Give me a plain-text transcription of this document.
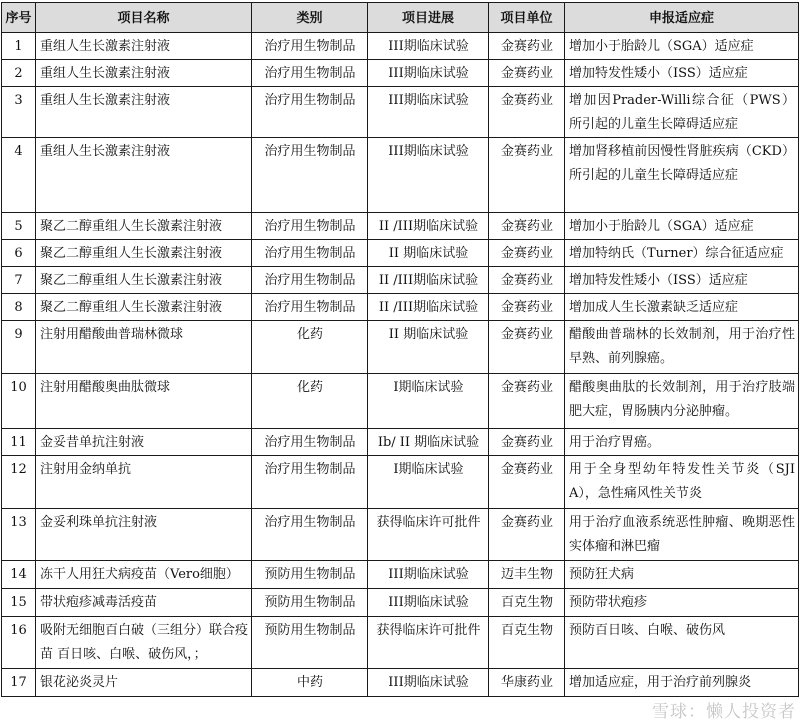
序号	项目名称	类别	项目进展	项目单位	申报适应症
1	重组人生长激素注射液	治疗用生物制品	III期临床试验	金赛药业	增加小于胎龄儿（SGA）适应症
2	重组人生长激素注射液	治疗用生物制品	III期临床试验	金赛药业	增加特发性矮小（ISS）适应症
3	重组人生长激素注射液	治疗用生物制品	III期临床试验	金赛药业	增加因Prader-Willi综合征（PWS）所引起的儿童生长障碍适应症
4	重组人生长激素注射液	治疗用生物制品	III期临床试验	金赛药业	增加肾移植前因慢性肾脏疾病（CKD）所引起的儿童生长障碍适应症
5	聚乙二醇重组人生长激素注射液	治疗用生物制品	II /III期临床试验	金赛药业	增加小于胎龄儿（SGA）适应症
6	聚乙二醇重组人生长激素注射液	治疗用生物制品	II 期临床试验	金赛药业	增加特纳氏（Turner）综合征适应症
7	聚乙二醇重组人生长激素注射液	治疗用生物制品	II /III期临床试验	金赛药业	增加特发性矮小（ISS）适应症
8	聚乙二醇重组人生长激素注射液	治疗用生物制品	II /III期临床试验	金赛药业	增加成人生长激素缺乏适应症
9	注射用醋酸曲普瑞林微球	化药	II 期临床试验	金赛药业	醋酸曲普瑞林的长效制剂，用于治疗性早熟、前列腺癌。
10	注射用醋酸奥曲肽微球	化药	I期临床试验	金赛药业	醋酸奥曲肽的长效制剂，用于治疗肢端肥大症，胃肠胰内分泌肿瘤。
11	金妥昔单抗注射液	治疗用生物制品	Ib/ II 期临床试验	金赛药业	用于治疗胃癌。
12	注射用金纳单抗	治疗用生物制品	I期临床试验	金赛药业	用于全身型幼年特发性关节炎（SJIA），急性痛风性关节炎
13	金妥利珠单抗注射液	治疗用生物制品	获得临床许可批件	金赛药业	用于治疗血液系统恶性肿瘤、晚期恶性实体瘤和淋巴瘤
14	冻干人用狂犬病疫苗（Vero细胞）	预防用生物制品	III期临床试验	迈丰生物	预防狂犬病
15	带状疱疹减毒活疫苗	预防用生物制品	III期临床试验	百克生物	预防带状疱疹
16	吸附无细胞百白破（三组分）联合疫苗 百日咳、白喉、破伤风，；	预防用生物制品	获得临床许可批件	百克生物	预防百日咳、白喉、破伤风
17	银花泌炎灵片	中药	III期临床试验	华康药业	增加适应症，用于治疗前列腺炎
雪球：懒人投资者
